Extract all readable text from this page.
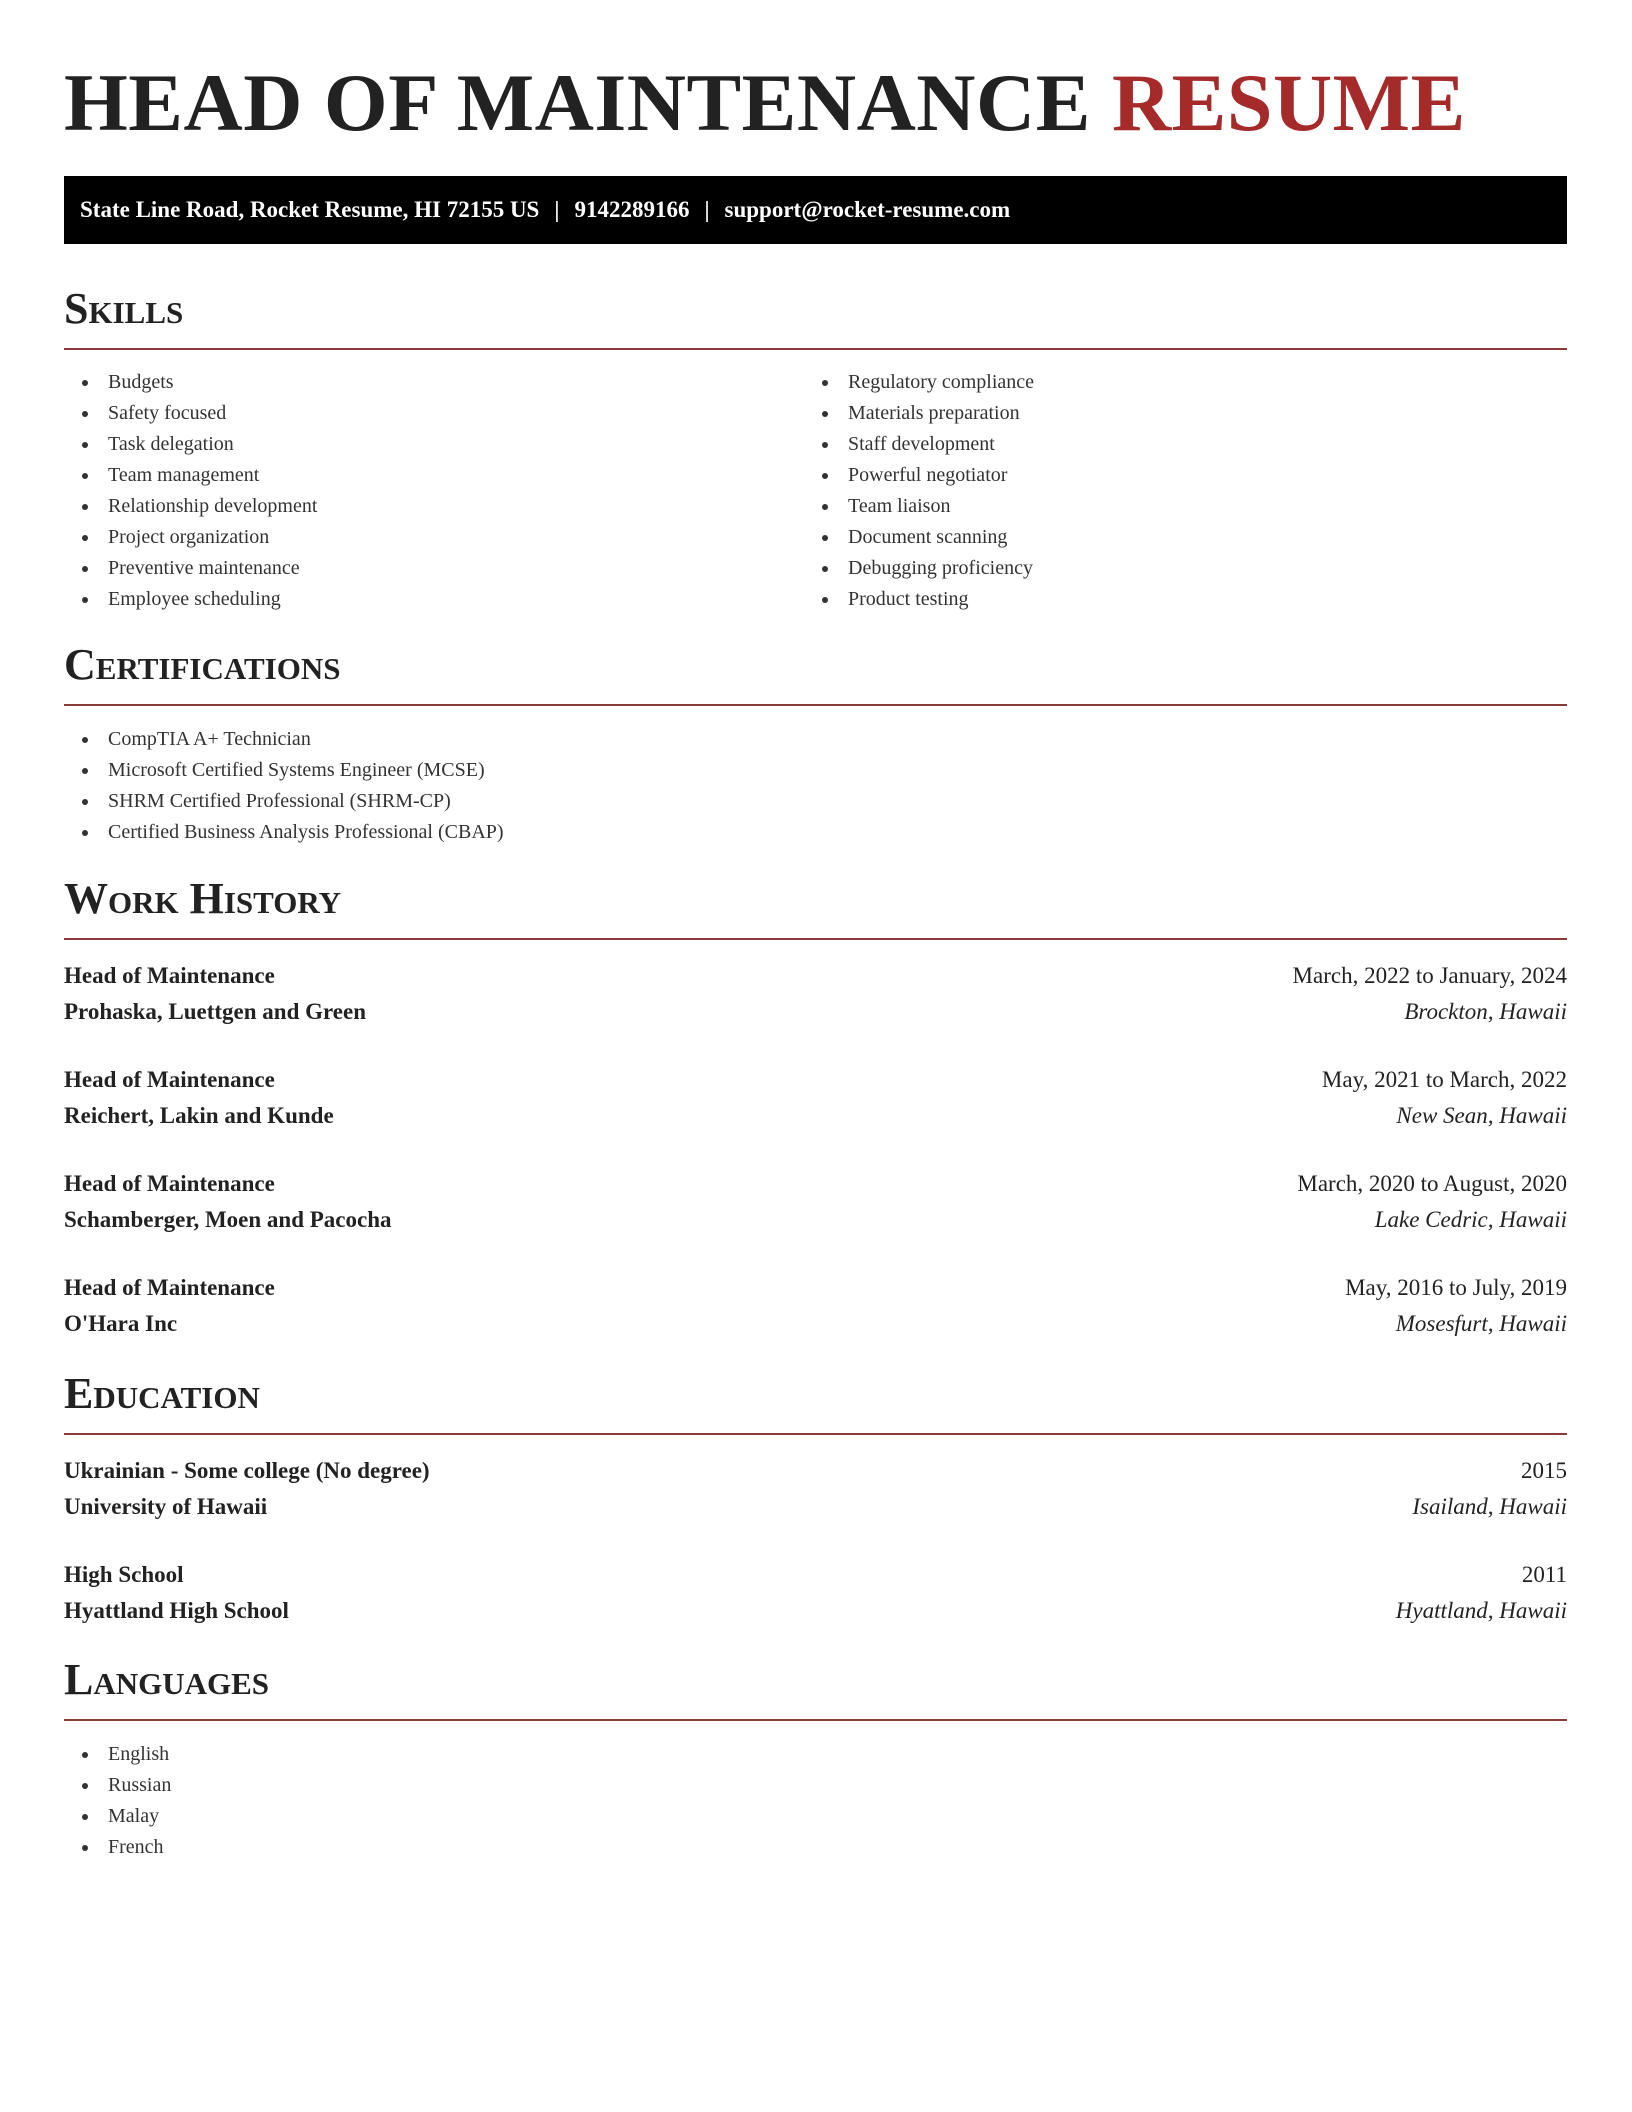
HEAD OF MAINTENANCE RESUME
State Line Road, Rocket Resume, HI 72155 US | 9142289166 | support@rocket-resume.com
Skills
Budgets
Safety focused
Task delegation
Team management
Relationship development
Project organization
Preventive maintenance
Employee scheduling
Regulatory compliance
Materials preparation
Staff development
Powerful negotiator
Team liaison
Document scanning
Debugging proficiency
Product testing
Certifications
CompTIA A+ Technician
Microsoft Certified Systems Engineer (MCSE)
SHRM Certified Professional (SHRM-CP)
Certified Business Analysis Professional (CBAP)
Work History
Head of Maintenance	March, 2022 to January, 2024
Prohaska, Luettgen and Green	Brockton, Hawaii
Head of Maintenance	May, 2021 to March, 2022
Reichert, Lakin and Kunde	New Sean, Hawaii
Head of Maintenance	March, 2020 to August, 2020
Schamberger, Moen and Pacocha	Lake Cedric, Hawaii
Head of Maintenance	May, 2016 to July, 2019
O'Hara Inc	Mosesfurt, Hawaii
Education
Ukrainian - Some college (No degree)	2015
University of Hawaii	Isailand, Hawaii
High School	2011
Hyattland High School	Hyattland, Hawaii
Languages
English
Russian
Malay
French
